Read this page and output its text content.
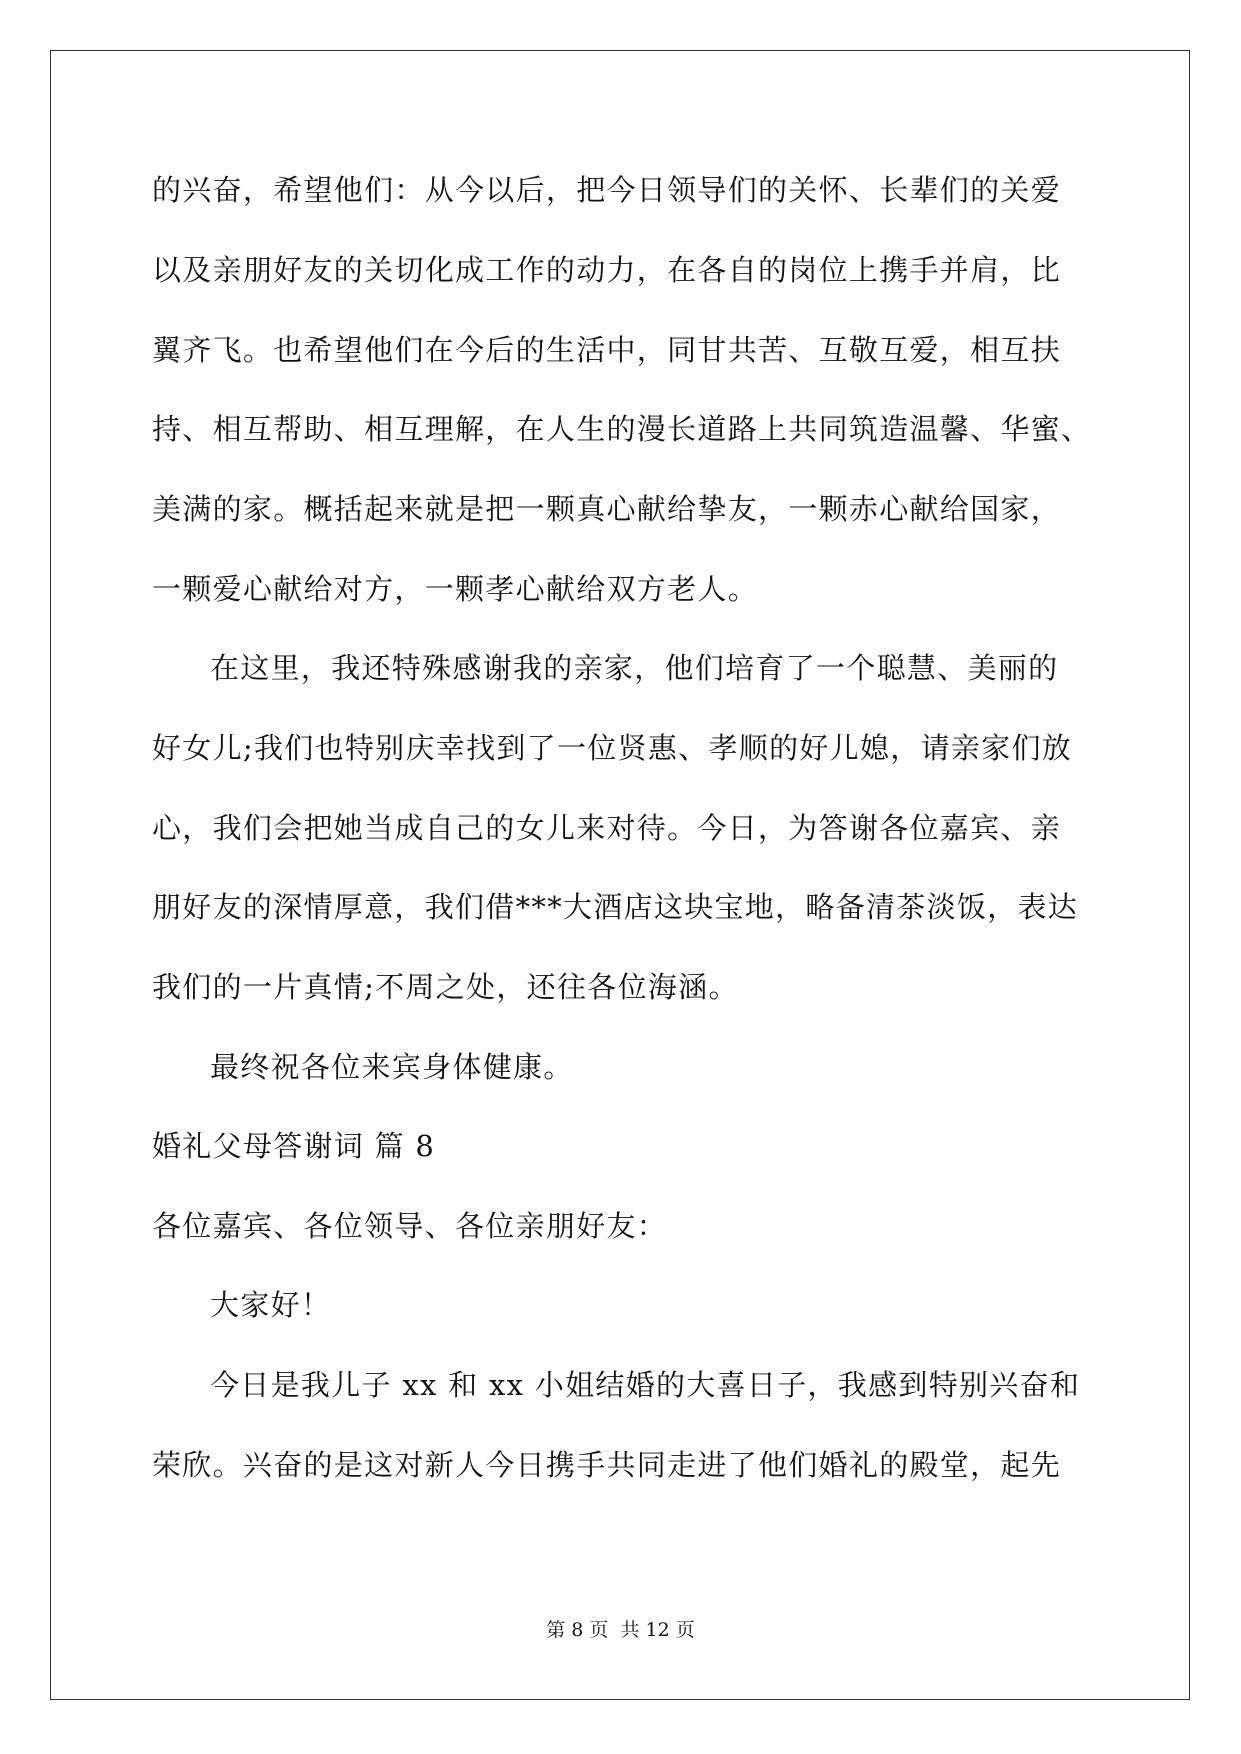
的兴奋，希望他们：从今以后，把今日领导们的关怀、长辈们的关爱
以及亲朋好友的关切化成工作的动力，在各自的岗位上携手并肩，比
翼齐飞。也希望他们在今后的生活中，同甘共苦、互敬互爱，相互扶
持、相互帮助、相互理解，在人生的漫长道路上共同筑造温馨、华蜜、
美满的家。概括起来就是把一颗真心献给挚友，一颗赤心献给国家，
一颗爱心献给对方，一颗孝心献给双方老人。
在这里，我还特殊感谢我的亲家，他们培育了一个聪慧、美丽的
好女儿;我们也特别庆幸找到了一位贤惠、孝顺的好儿媳，请亲家们放
心，我们会把她当成自己的女儿来对待。今日，为答谢各位嘉宾、亲
朋好友的深情厚意，我们借***大酒店这块宝地，略备清茶淡饭，表达
我们的一片真情;不周之处，还往各位海涵。
最终祝各位来宾身体健康。
婚礼父母答谢词 篇 8
各位嘉宾、各位领导、各位亲朋好友：
大家好！
今日是我儿子 xx 和 xx 小姐结婚的大喜日子，我感到特别兴奋和
荣欣。兴奋的是这对新人今日携手共同走进了他们婚礼的殿堂，起先
第 8 页 共 12 页
